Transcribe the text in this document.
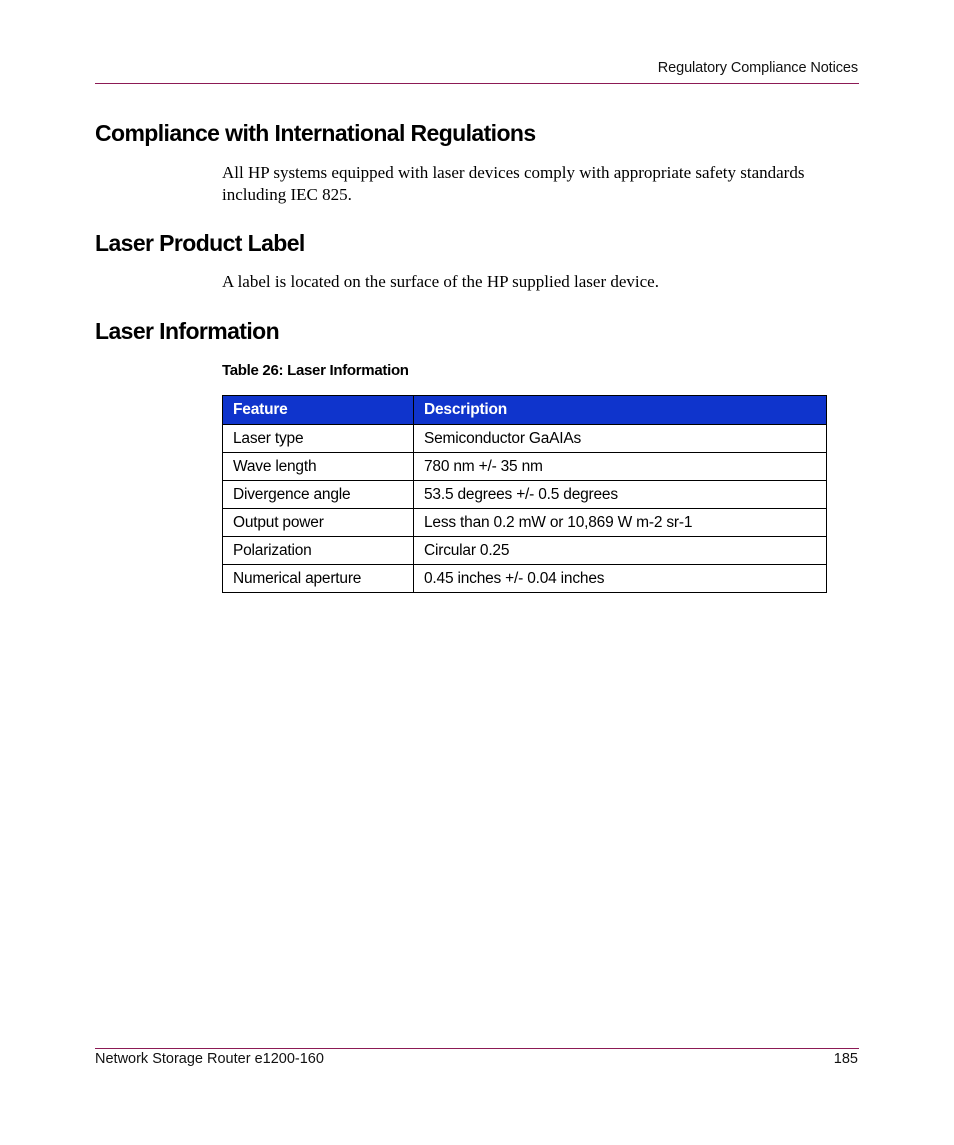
Regulatory Compliance Notices
Compliance with International Regulations

All HP systems equipped with laser devices comply with appropriate safety standards including IEC 825.

Laser Product Label

A label is located on the surface of the HP supplied laser device.

Laser Information
Table 26: Laser Information
Feature	Description
Laser type	Semiconductor GaAIAs
Wave length	780 nm +/- 35 nm
Divergence angle	53.5 degrees +/- 0.5 degrees
Output power	Less than 0.2 mW or 10,869 W m-2 sr-1
Polarization	Circular 0.25
Numerical aperture	0.45 inches +/- 0.04 inches
Network Storage Router e1200-160	185
